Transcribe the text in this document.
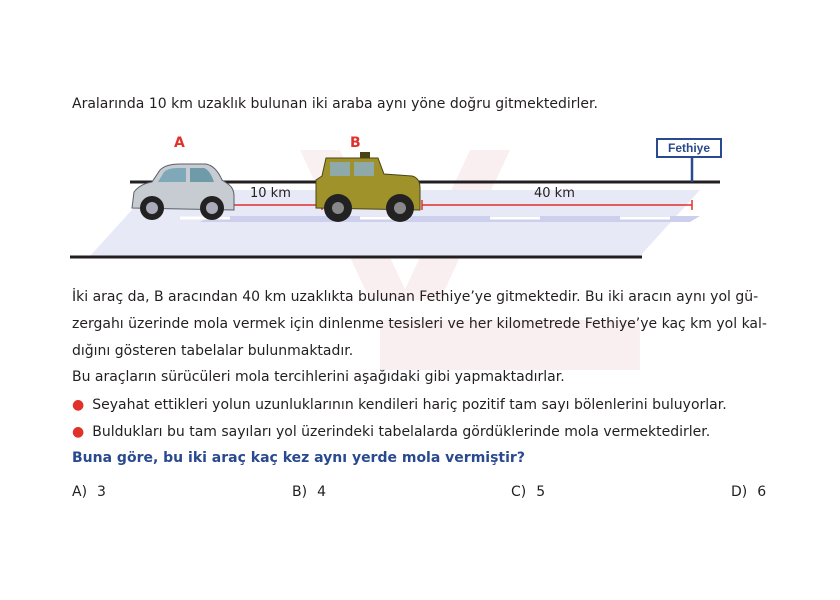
Aralarında 10 km uzaklık bulunan iki araba aynı yöne doğru gitmektedirler.
A	B	Fethiye
10 km	40 km
İki araç da, B aracından 40 km uzaklıkta bulunan Fethiye’ye gitmektedir. Bu iki aracın aynı yol gü-
zergahı üzerinde mola vermek için dinlenme tesisleri ve her kilometrede Fethiye’ye kaç km yol kal-
dığını gösteren tabelalar bulunmaktadır.
Bu araçların sürücüleri mola tercihlerini aşağıdaki gibi yapmaktadırlar.
● Seyahat ettikleri yolun uzunluklarının kendileri hariç pozitif tam sayı bölenlerini buluyorlar.
● Buldukları bu tam sayıları yol üzerindeki tabelalarda gördüklerinde mola vermektedirler.
Buna göre, bu iki araç kaç kez aynı yerde mola vermiştir?
A) 3	B) 4	C) 5	D) 6
